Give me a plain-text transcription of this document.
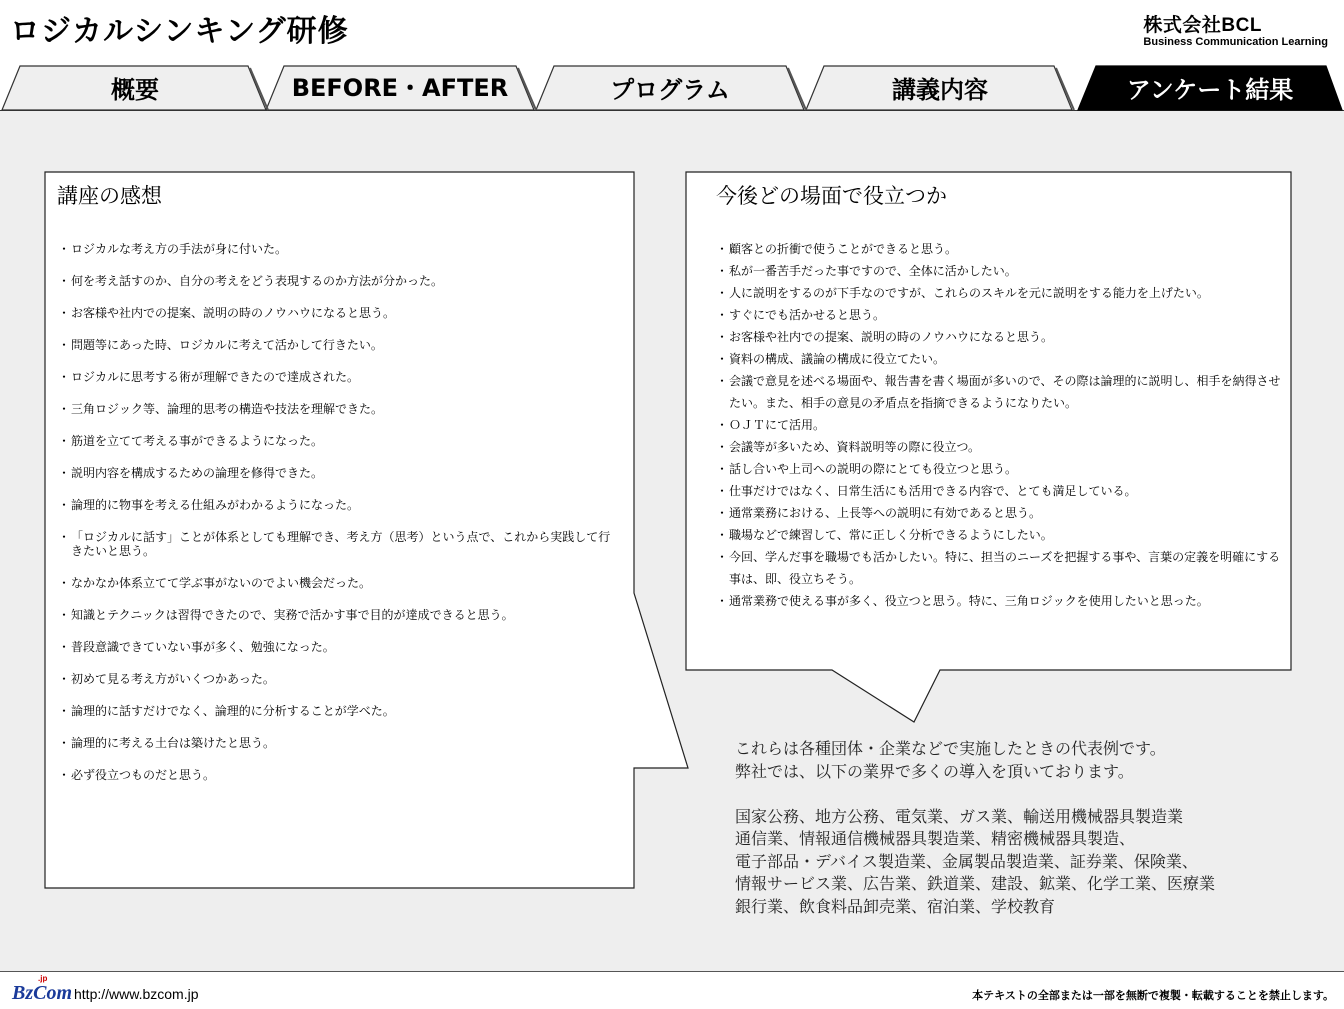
ロジカルシンキング研修	株式会社BCL
Business Communication Learning
概要	BEFORE・AFTER	プログラム	講義内容	アンケート結果
講座の感想
・ ロジカルな考え方の手法が身に付いた。
・ 何を考え話すのか、自分の考えをどう表現するのか方法が分かった。
・ お客様や社内での提案、説明の時のノウハウになると思う。
・ 問題等にあった時、ロジカルに考えて活かして行きたい。
・ ロジカルに思考する術が理解できたので達成された。
・ 三角ロジック等、論理的思考の構造や技法を理解できた。
・ 筋道を立てて考える事ができるようになった。
・ 説明内容を構成するための論理を修得できた。
・ 論理的に物事を考える仕組みがわかるようになった。
・ 「ロジカルに話す」ことが体系としても理解でき、考え方（思考）という点で、これから実践して行きたいと思う。
・ なかなか体系立てて学ぶ事がないのでよい機会だった。
・ 知識とテクニックは習得できたので、実務で活かす事で目的が達成できると思う。
・ 普段意識できていない事が多く、勉強になった。
・ 初めて見る考え方がいくつかあった。
・ 論理的に話すだけでなく、論理的に分析することが学べた。
・ 論理的に考える土台は築けたと思う。
・ 必ず役立つものだと思う。
今後どの場面で役立つか
・ 顧客との折衝で使うことができると思う。
・ 私が一番苦手だった事ですので、全体に活かしたい。
・ 人に説明をするのが下手なのですが、これらのスキルを元に説明をする能力を上げたい。
・ すぐにでも活かせると思う。
・ お客様や社内での提案、説明の時のノウハウになると思う。
・ 資料の構成、議論の構成に役立てたい。
・ 会議で意見を述べる場面や、報告書を書く場面が多いので、その際は論理的に説明し、相手を納得させたい。また、相手の意見の矛盾点を指摘できるようになりたい。
・ ＯＪＴにて活用。
・ 会議等が多いため、資料説明等の際に役立つ。
・ 話し合いや上司への説明の際にとても役立つと思う。
・ 仕事だけではなく、日常生活にも活用できる内容で、とても満足している。
・ 通常業務における、上長等への説明に有効であると思う。
・ 職場などで練習して、常に正しく分析できるようにしたい。
・ 今回、学んだ事を職場でも活かしたい。特に、担当のニーズを把握する事や、言葉の定義を明確にする事は、即、役立ちそう。
・ 通常業務で使える事が多く、役立つと思う。特に、三角ロジックを使用したいと思った。
これらは各種団体・企業などで実施したときの代表例です。
弊社では、以下の業界で多くの導入を頂いております。
国家公務、地方公務、電気業、ガス業、輸送用機械器具製造業
通信業、情報通信機械器具製造業、精密機械器具製造、
電子部品・デバイス製造業、金属製品製造業、証券業、保険業、
情報サービス業、広告業、鉄道業、建設、鉱業、化学工業、医療業
銀行業、飲食料品卸売業、宿泊業、学校教育
BzCom
.jp
http://www.bzcom.jp	本テキストの全部または一部を無断で複製・転載することを禁止します。
